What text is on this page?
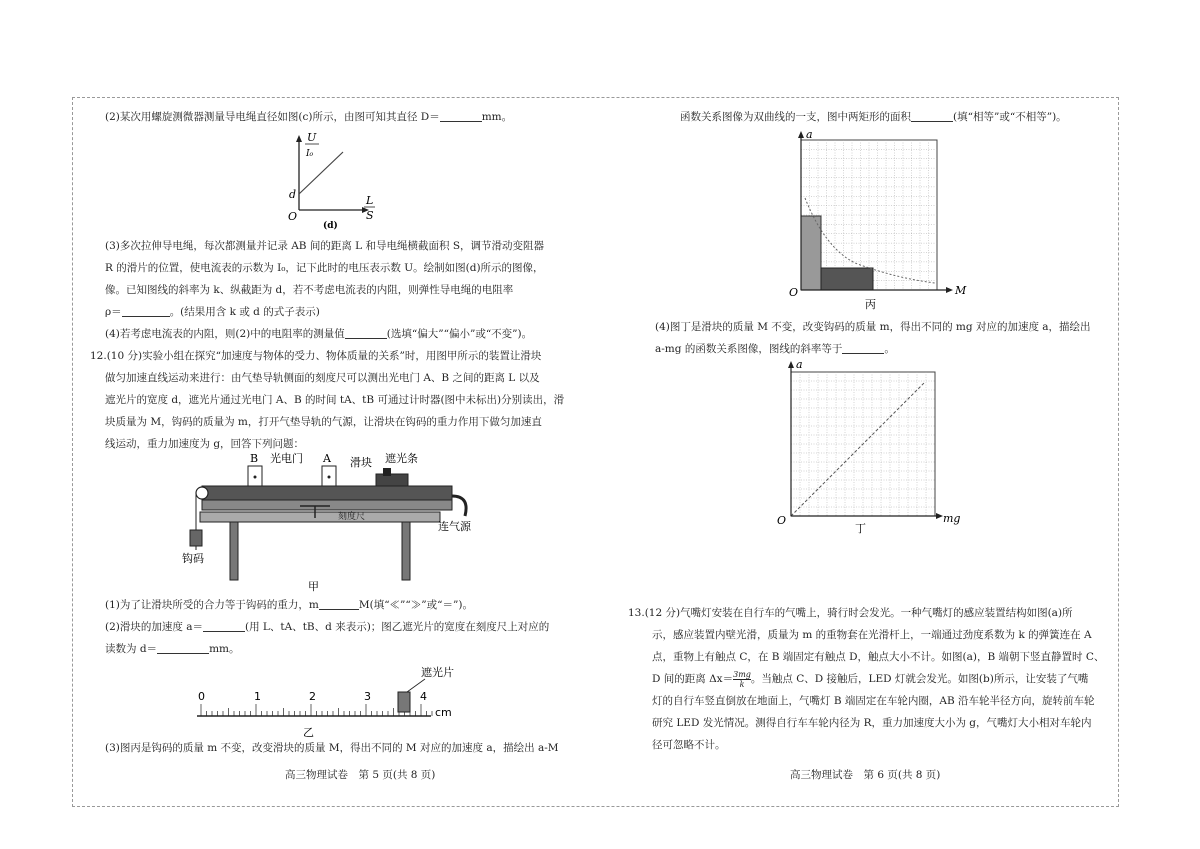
(2)某次用螺旋测微器测量导电绳直径如图(c)所示，由图可知其直径 D＝	mm。

U
I₀
d
O
L
S
(d)

(3)多次拉伸导电绳，每次都测量并记录 AB 间的距离 L 和导电绳横截面积 S，调节滑动变阻器

R 的滑片的位置，使电流表的示数为 I₀，记下此时的电压表示数 U。绘制如图(d)所示的图像，

像。已知图线的斜率为 k、纵截距为 d，若不考虑电流表的内阻，则弹性导电绳的电阻率

ρ＝	。(结果用含 k 或 d 的式子表示)

(4)若考虑电流表的内阻，则(2)中的电阻率的测量值	(选填“偏大”“偏小”或“不变”)。

12.(10 分)实验小组在探究“加速度与物体的受力、物体质量的关系”时，用图甲所示的装置让滑块

做匀加速直线运动来进行：由气垫导轨侧面的刻度尺可以测出光电门 A、B 之间的距离 L 以及

遮光片的宽度 d，遮光片通过光电门 A、B 的时间 tA、tB 可通过计时器(图中未标出)分别读出，滑

块质量为 M，钩码的质量为 m，打开气垫导轨的气源，让滑块在钩码的重力作用下做匀加速直

线运动，重力加速度为 g，回答下列问题：

B 光电门 A 滑块 遮光条
刻度尺
连气源
钩码
甲

(1)为了让滑块所受的合力等于钩码的重力，m	M(填“≪”“≫”或“＝”)。

(2)滑块的加速度 a＝	(用 L、tA、tB、d 来表示)；图乙遮光片的宽度在刻度尺上对应的

读数为 d＝	mm。

0	1	2	3	4
cm
遮光片
乙

(3)图丙是钩码的质量 m 不变，改变滑块的质量 M，得出不同的 M 对应的加速度 a，描绘出 a-M

高三物理试卷　第 5 页(共 8 页)

函数关系图像为双曲线的一支，图中两矩形的面积	(填“相等”或“不相等”)。

a
M
O
丙

(4)图丁是滑块的质量 M 不变，改变钩码的质量 m，得出不同的 mg 对应的加速度 a，描绘出

a-mg 的函数关系图像，图线的斜率等于	。

a
mg
O
丁

13.(12 分)气嘴灯安装在自行车的气嘴上，骑行时会发光。一种气嘴灯的感应装置结构如图(a)所

示，感应装置内壁光滑，质量为 m 的重物套在光滑杆上，一端通过劲度系数为 k 的弹簧连在 A

点，重物上有触点 C，在 B 端固定有触点 D，触点大小不计。如图(a)，B 端朝下竖直静置时 C、

D 间的距离 $\Delta x= \frac{3mg}{k}$ 。当触点 C、D 接触后，LED 灯就会发光。如图(b)所示，让安装了气嘴

灯的自行车竖直倒放在地面上，气嘴灯 B 端固定在车轮内圈，AB 沿车轮半径方向，旋转前车轮

研究 LED 发光情况。测得自行车车轮内径为 R，重力加速度大小为 g，气嘴灯大小相对车轮内

径可忽略不计。

高三物理试卷　第 6 页(共 8 页)
